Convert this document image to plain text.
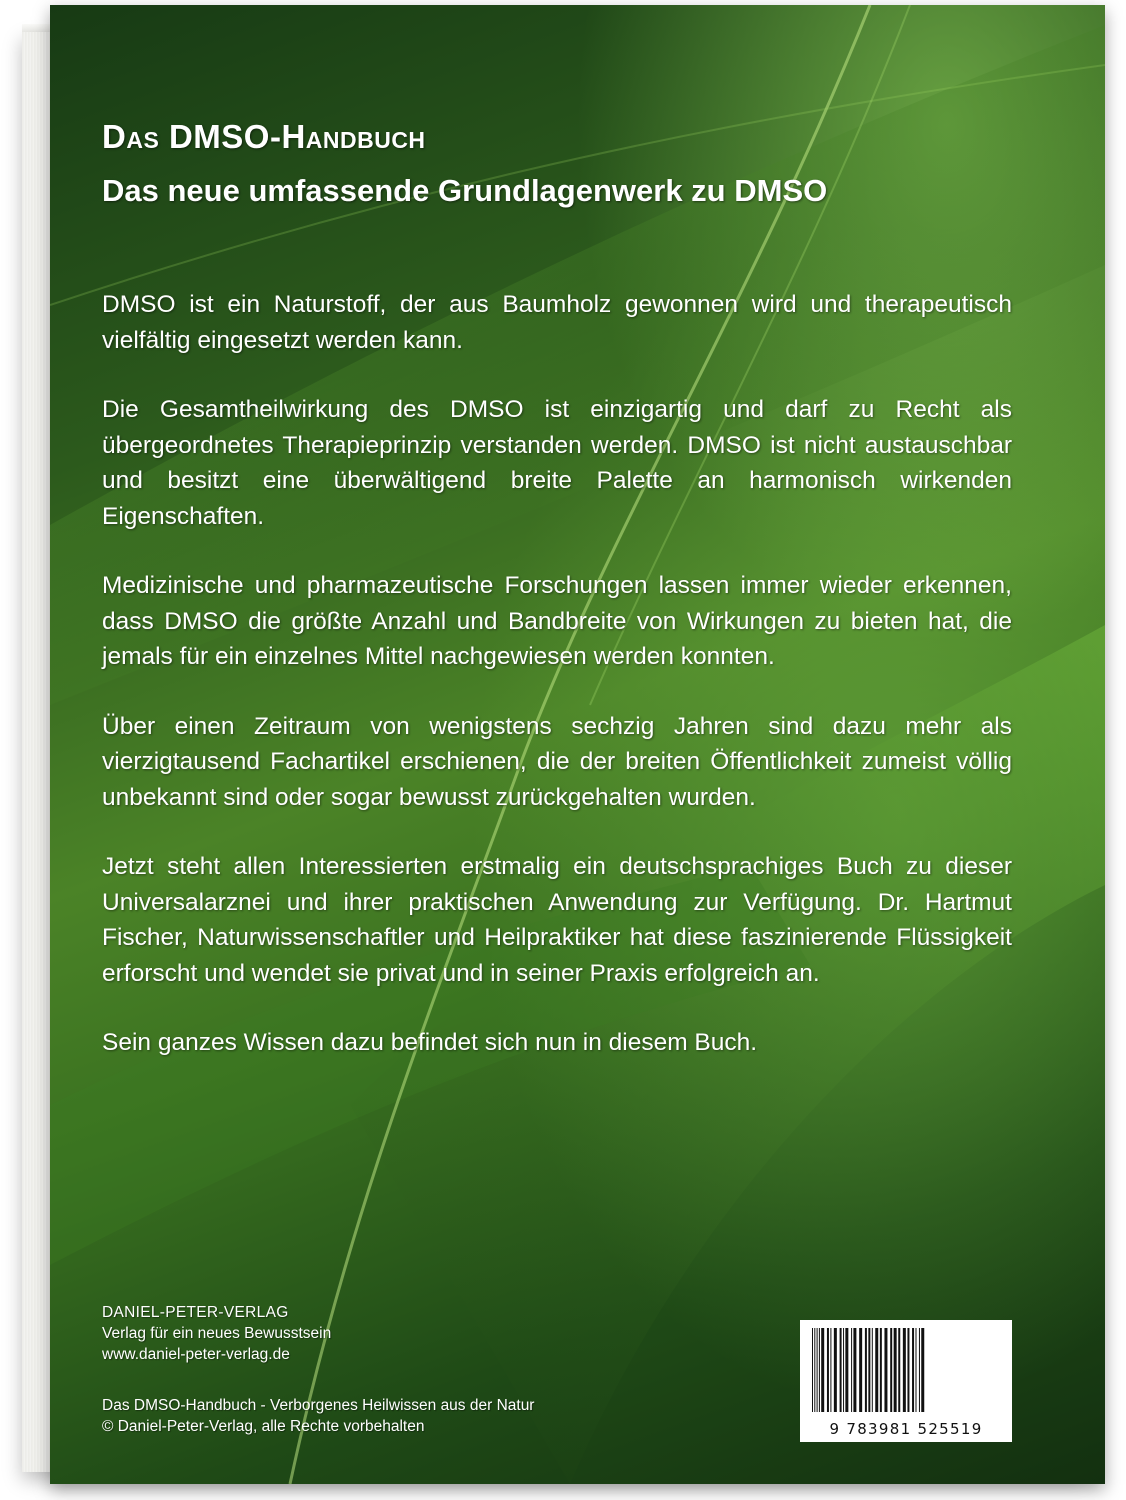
Das DMSO-Handbuch
Das neue umfassende Grundlagenwerk zu DMSO

DMSO ist ein Naturstoff, der aus Baumholz gewonnen wird und therapeutisch vielfältig eingesetzt werden kann.

Die Gesamtheilwirkung des DMSO ist einzigartig und darf zu Recht als übergeordnetes Therapieprinzip verstanden werden. DMSO ist nicht austauschbar und besitzt eine überwältigend breite Palette an harmonisch wirkenden Eigenschaften.

Medizinische und pharmazeutische Forschungen lassen immer wieder erkennen, dass DMSO die größte Anzahl und Bandbreite von Wirkungen zu bieten hat, die jemals für ein einzelnes Mittel nachgewiesen werden konnten.

Über einen Zeitraum von wenigstens sechzig Jahren sind dazu mehr als vierzigtausend Fachartikel erschienen, die der breiten Öffentlichkeit zumeist völlig unbekannt sind oder sogar bewusst zurückgehalten wurden.

Jetzt steht allen Interessierten erstmalig ein deutschsprachiges Buch zu dieser Universalarznei und ihrer praktischen Anwendung zur Verfügung. Dr. Hartmut Fischer, Naturwissenschaftler und Heilpraktiker hat diese faszinierende Flüssigkeit erforscht und wendet sie privat und in seiner Praxis erfolgreich an.

Sein ganzes Wissen dazu befindet sich nun in diesem Buch.

DANIEL-PETER-VERLAG
Verlag für ein neues Bewusstsein
www.daniel-peter-verlag.de
Das DMSO-Handbuch - Verborgenes Heilwissen aus der Natur
© Daniel-Peter-Verlag, alle Rechte vorbehalten	9 783981 525519
